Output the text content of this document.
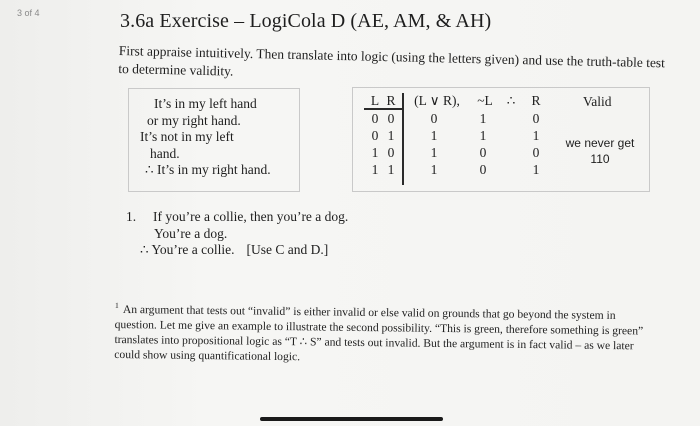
3 of 4	3.6a Exercise – LogiCola D (AE, AM, & AH)
First appraise intuitively. Then translate into logic (using the letters given) and use the truth-table test to determine validity.
It’s in my left hand
or my right hand.
It’s not in my left
hand.
∴ It’s in my right hand.
L R (L ∨ R), ~L ∴ R
0 0	0	1	0
0 1	1	1	1
1 0	1	0	0
1 1	1	0	1
Valid
we never get 110
1. If you’re a collie, then you’re a dog.
You’re a dog.
∴ You’re a collie. [Use C and D.]
$^1$ An argument that tests out “invalid” is either invalid or else valid on grounds that go beyond the system in question. Let me give an example to illustrate the second possibility. “This is green, therefore something is green” translates into propositional logic as “T ∴ S” and tests out invalid. But the argument is in fact valid – as we later could show using quantificational logic.
